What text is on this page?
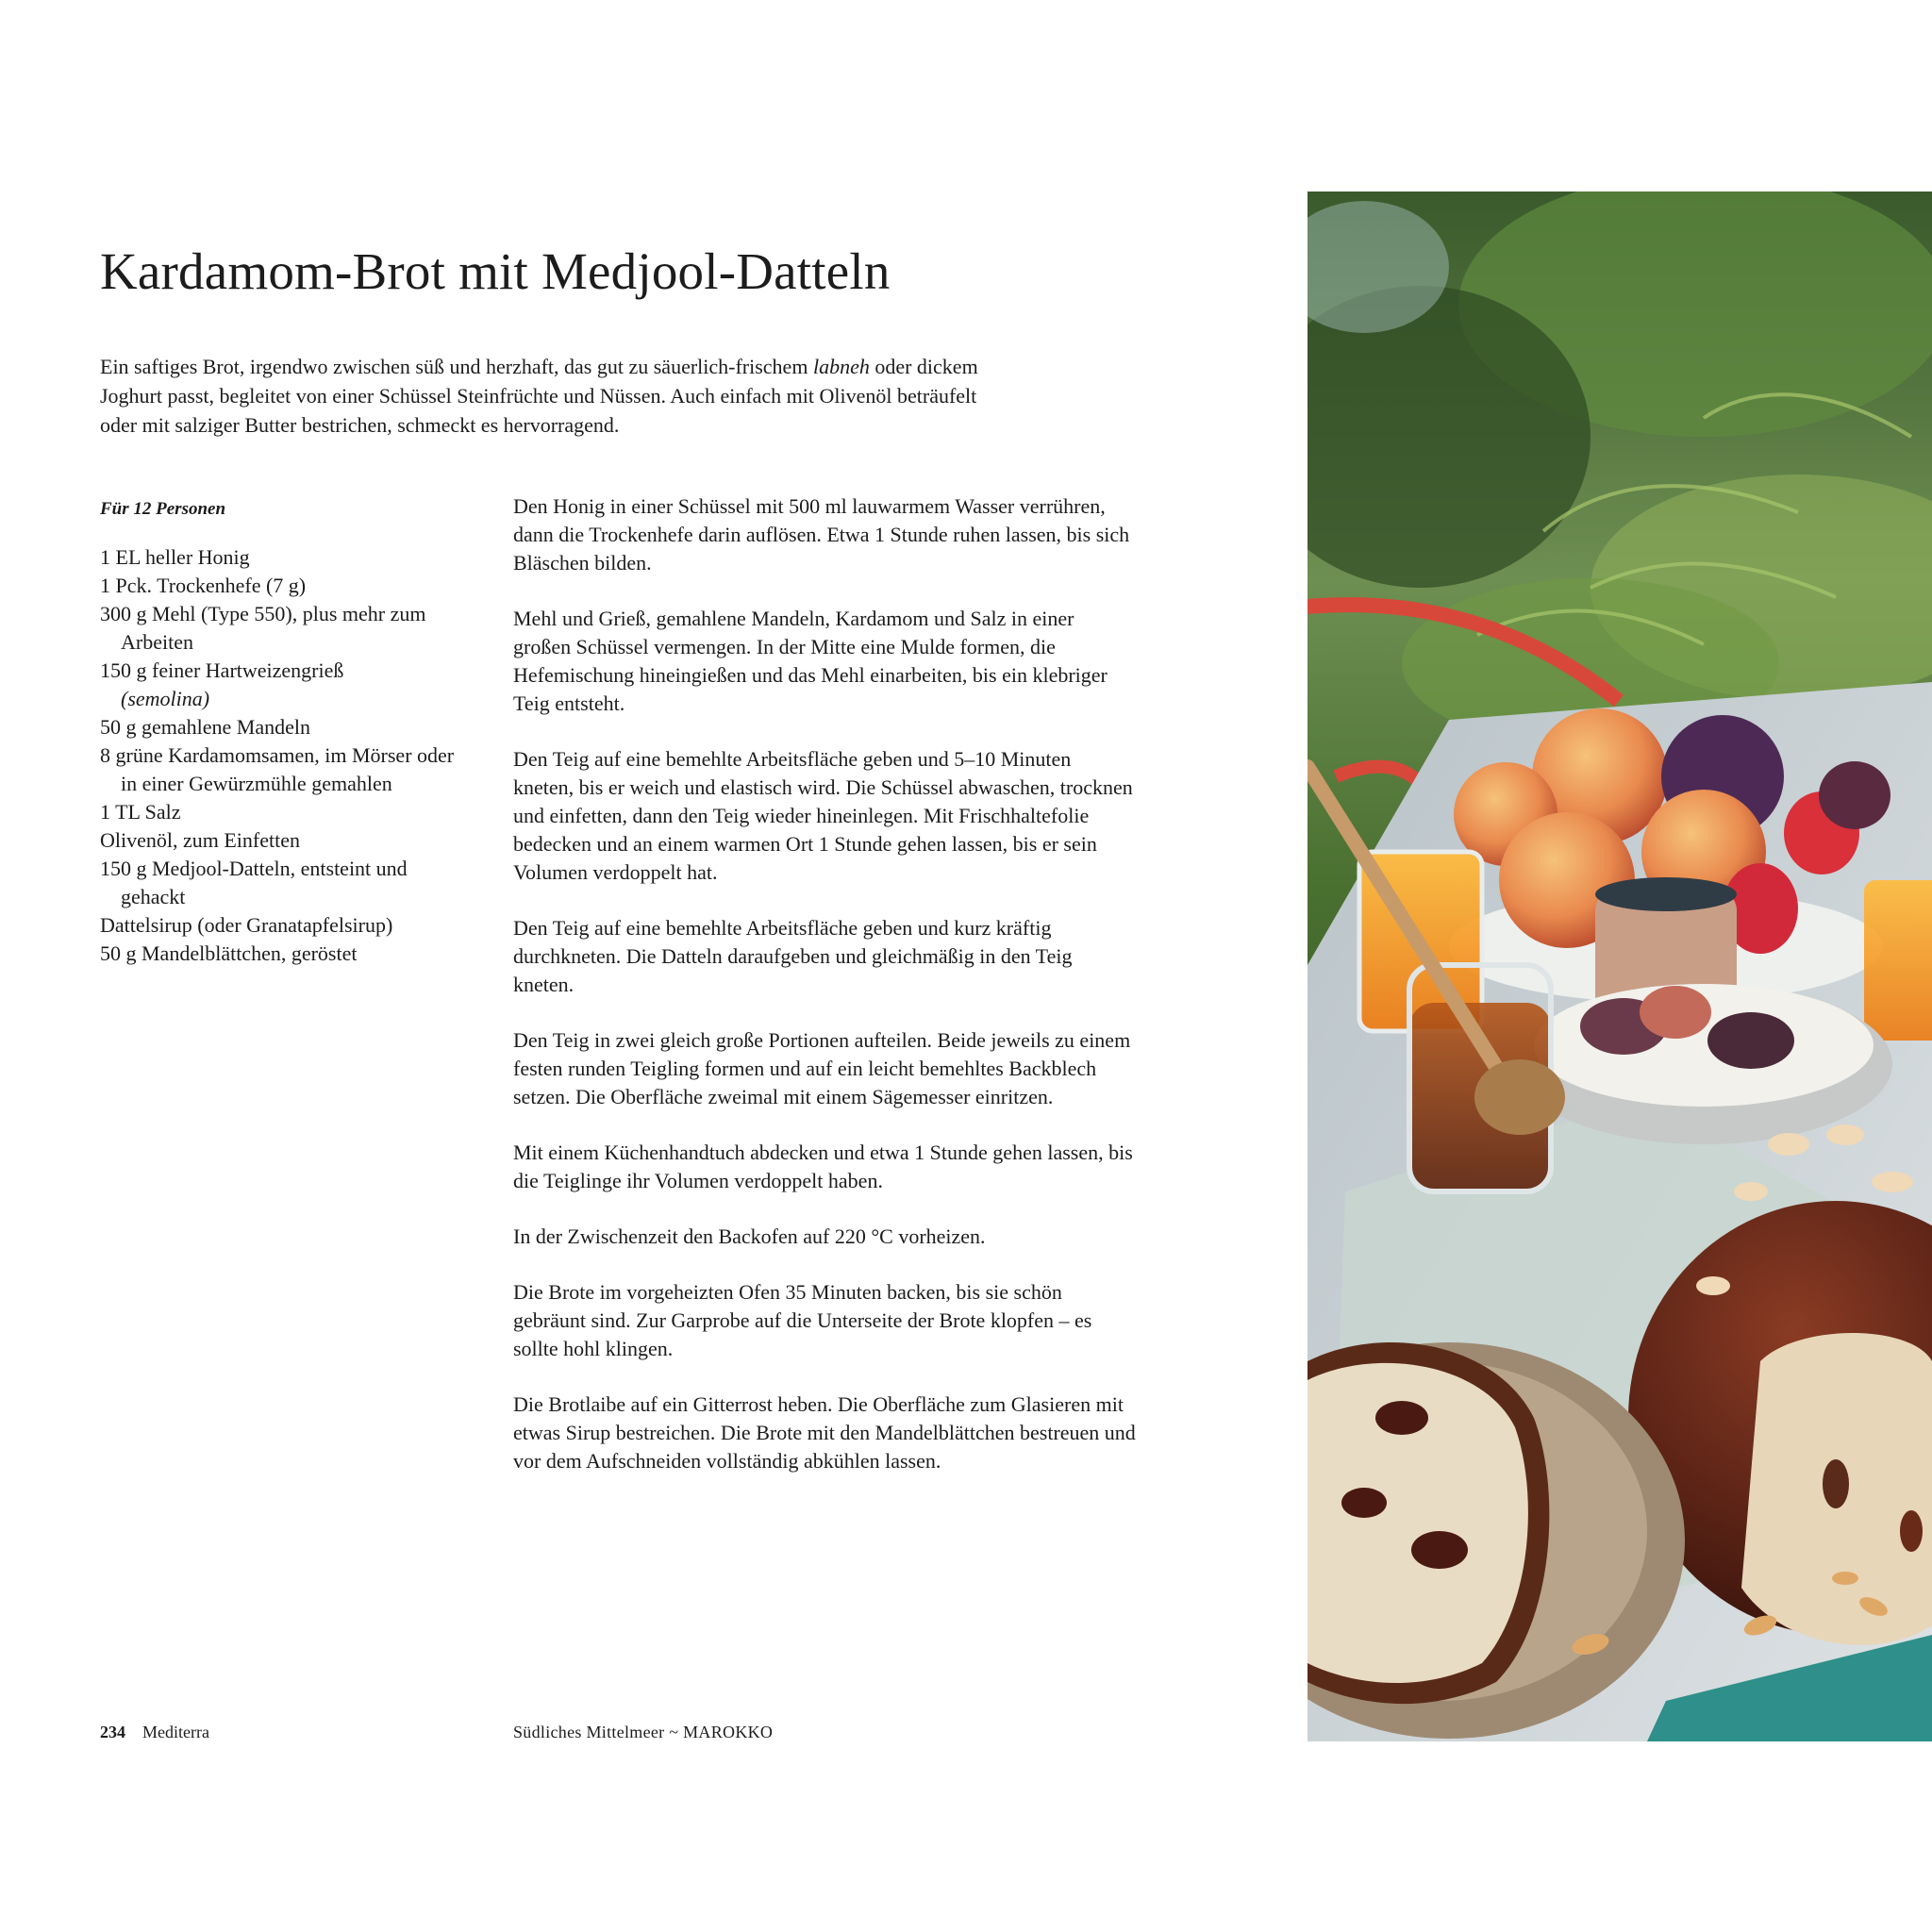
Kardamom-Brot mit Medjool-Datteln

Ein saftiges Brot, irgendwo zwischen süß und herzhaft, das gut zu säuerlich-frischem labneh oder dickem Joghurt passt, begleitet von einer Schüssel Steinfrüchte und Nüssen. Auch einfach mit Olivenöl beträufelt oder mit salziger Butter bestrichen, schmeckt es hervorragend.

Für 12 Personen

1 EL heller Honig
1 Pck. Trockenhefe (7 g)
300 g Mehl (Type 550), plus mehr zum Arbeiten
150 g feiner Hartweizengrieß
(semolina)
50 g gemahlene Mandeln
8 grüne Kardamomsamen, im Mörser oder in einer Gewürzmühle gemahlen
1 TL Salz
Olivenöl, zum Einfetten
150 g Medjool-Datteln, entsteint und gehackt
Dattelsirup (oder Granatapfelsirup)
50 g Mandelblättchen, geröstet

Den Honig in einer Schüssel mit 500 ml lauwarmem Wasser verrühren, dann die Trockenhefe darin auflösen. Etwa 1 Stunde ruhen lassen, bis sich Bläschen bilden.

Mehl und Grieß, gemahlene Mandeln, Kardamom und Salz in einer großen Schüssel vermengen. In der Mitte eine Mulde formen, die Hefemischung hineingießen und das Mehl einarbeiten, bis ein klebriger Teig entsteht.

Den Teig auf eine bemehlte Arbeitsfläche geben und 5–10 Minuten kneten, bis er weich und elastisch wird. Die Schüssel abwaschen, trocknen und einfetten, dann den Teig wieder hineinlegen. Mit Frischhaltefolie bedecken und an einem warmen Ort 1 Stunde gehen lassen, bis er sein Volumen verdoppelt hat.

Den Teig auf eine bemehlte Arbeitsfläche geben und kurz kräftig durchkneten. Die Datteln daraufgeben und gleichmäßig in den Teig kneten.

Den Teig in zwei gleich große Portionen aufteilen. Beide jeweils zu einem festen runden Teigling formen und auf ein leicht bemehltes Backblech setzen. Die Oberfläche zweimal mit einem Sägemesser einritzen.

Mit einem Küchenhandtuch abdecken und etwa 1 Stunde gehen lassen, bis die Teiglinge ihr Volumen verdoppelt haben.

In der Zwischenzeit den Backofen auf 220 °C vorheizen.

Die Brote im vorgeheizten Ofen 35 Minuten backen, bis sie schön gebräunt sind. Zur Garprobe auf die Unterseite der Brote klopfen – es sollte hohl klingen.

Die Brotlaibe auf ein Gitterrost heben. Die Oberfläche zum Glasieren mit etwas Sirup bestreichen. Die Brote mit den Mandelblättchen bestreuen und vor dem Aufschneiden vollständig abkühlen lassen.

234 Mediterra	Südliches Mittelmeer ~ MAROKKO
